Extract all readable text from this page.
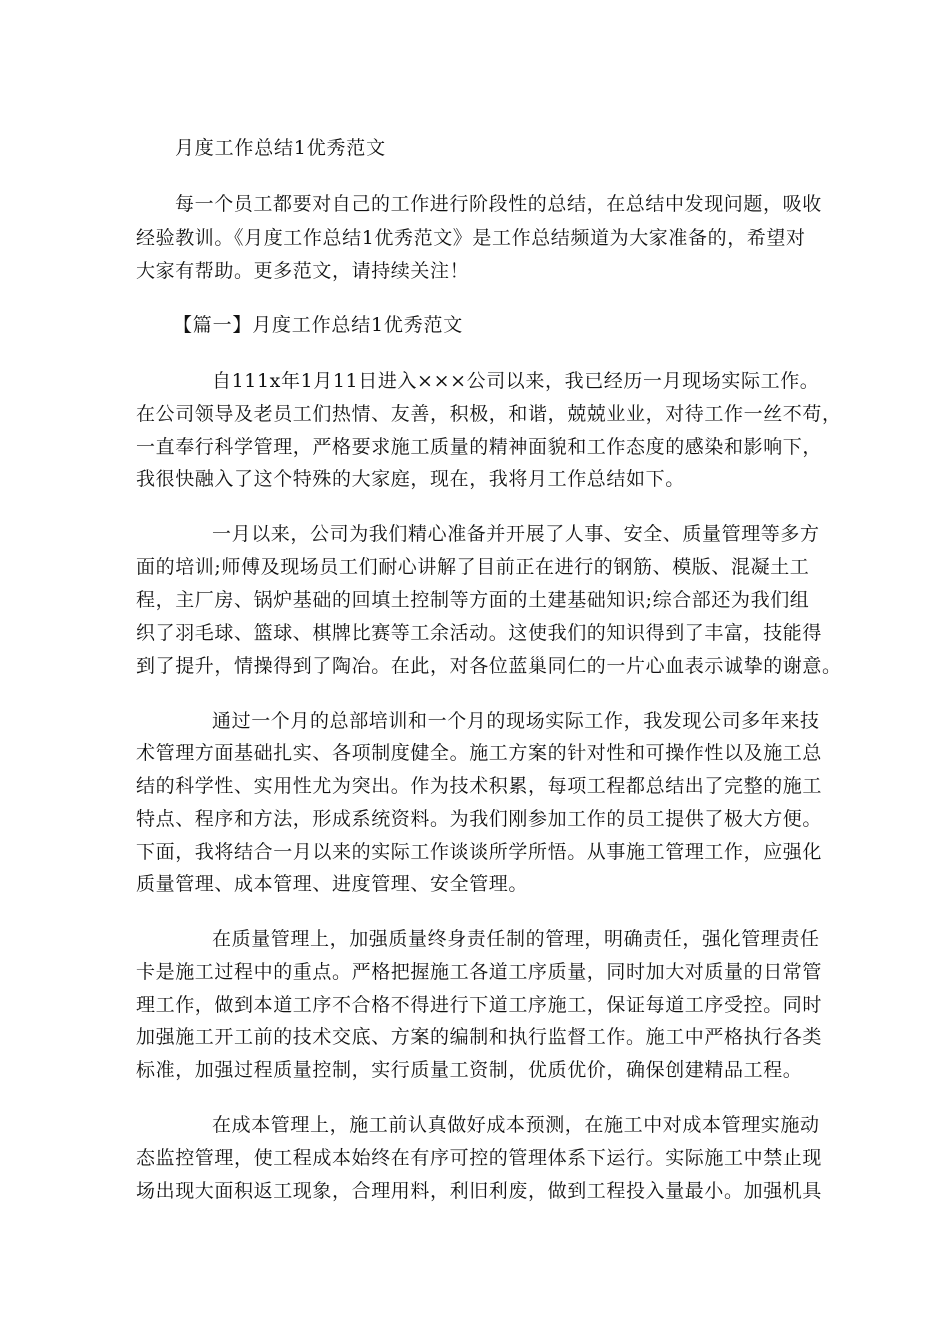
月度工作总结1优秀范文
每一个员工都要对自己的工作进行阶段性的总结，在总结中发现问题，吸收
经验教训。《月度工作总结1优秀范文》是工作总结频道为大家准备的，希望对
大家有帮助。更多范文，请持续关注！
【篇一】月度工作总结1优秀范文
自111x年1月11日进入×××公司以来，我已经历一月现场实际工作。
在公司领导及老员工们热情、友善，积极，和谐，兢兢业业，对待工作一丝不苟，
一直奉行科学管理，严格要求施工质量的精神面貌和工作态度的感染和影响下，
我很快融入了这个特殊的大家庭，现在，我将月工作总结如下。
一月以来，公司为我们精心准备并开展了人事、安全、质量管理等多方
面的培训;师傅及现场员工们耐心讲解了目前正在进行的钢筋、模版、混凝土工
程，主厂房、锅炉基础的回填土控制等方面的土建基础知识;综合部还为我们组
织了羽毛球、篮球、棋牌比赛等工余活动。这使我们的知识得到了丰富，技能得
到了提升，情操得到了陶冶。在此，对各位蓝巢同仁的一片心血表示诚挚的谢意。
通过一个月的总部培训和一个月的现场实际工作，我发现公司多年来技
术管理方面基础扎实、各项制度健全。施工方案的针对性和可操作性以及施工总
结的科学性、实用性尤为突出。作为技术积累，每项工程都总结出了完整的施工
特点、程序和方法，形成系统资料。为我们刚参加工作的员工提供了极大方便。
下面，我将结合一月以来的实际工作谈谈所学所悟。从事施工管理工作，应强化
质量管理、成本管理、进度管理、安全管理。
在质量管理上，加强质量终身责任制的管理，明确责任，强化管理责任
卡是施工过程中的重点。严格把握施工各道工序质量，同时加大对质量的日常管
理工作，做到本道工序不合格不得进行下道工序施工，保证每道工序受控。同时
加强施工开工前的技术交底、方案的编制和执行监督工作。施工中严格执行各类
标准，加强过程质量控制，实行质量工资制，优质优价，确保创建精品工程。
在成本管理上，施工前认真做好成本预测，在施工中对成本管理实施动
态监控管理，使工程成本始终在有序可控的管理体系下运行。实际施工中禁止现
场出现大面积返工现象，合理用料，利旧利废，做到工程投入量最小。加强机具
